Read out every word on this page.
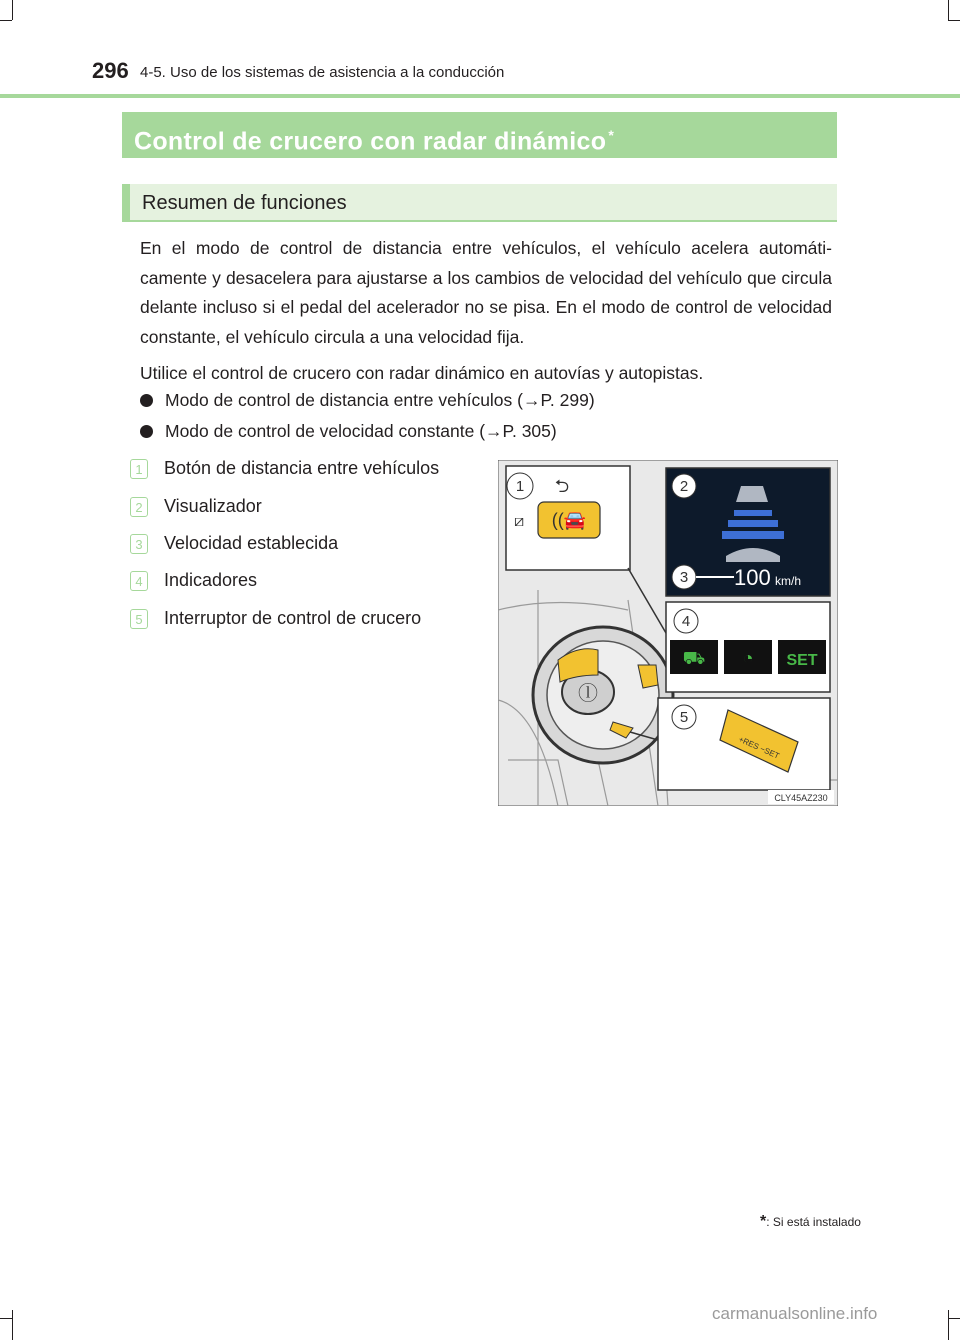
296 4-5. Uso de los sistemas de asistencia a la conducción
Control de crucero con radar dinámico *
Resumen de funciones
En el modo de control de distancia entre vehículos, el vehículo acelera automáti-camente y desacelera para ajustarse a los cambios de velocidad del vehículo que circula delante incluso si el pedal del acelerador no se pisa. En el modo de control de velocidad constante, el vehículo circula a una velocidad fija.
Utilice el control de crucero con radar dinámico en autovías y autopistas.
Modo de control de distancia entre vehículos (→P. 299)
Modo de control de velocidad constante (→P. 305)
1 Botón de distancia entre vehículos
2 Visualizador
3 Velocidad establecida
4 Indicadores
5 Interruptor de control de crucero
ⓛ
((🚘
⮌
⧄
1	2
3 100 km/h
⛟ ◔ SET
4
+RES −SET
5
CLY45AZ230
*: Si está instalado
carmanualsonline.info
